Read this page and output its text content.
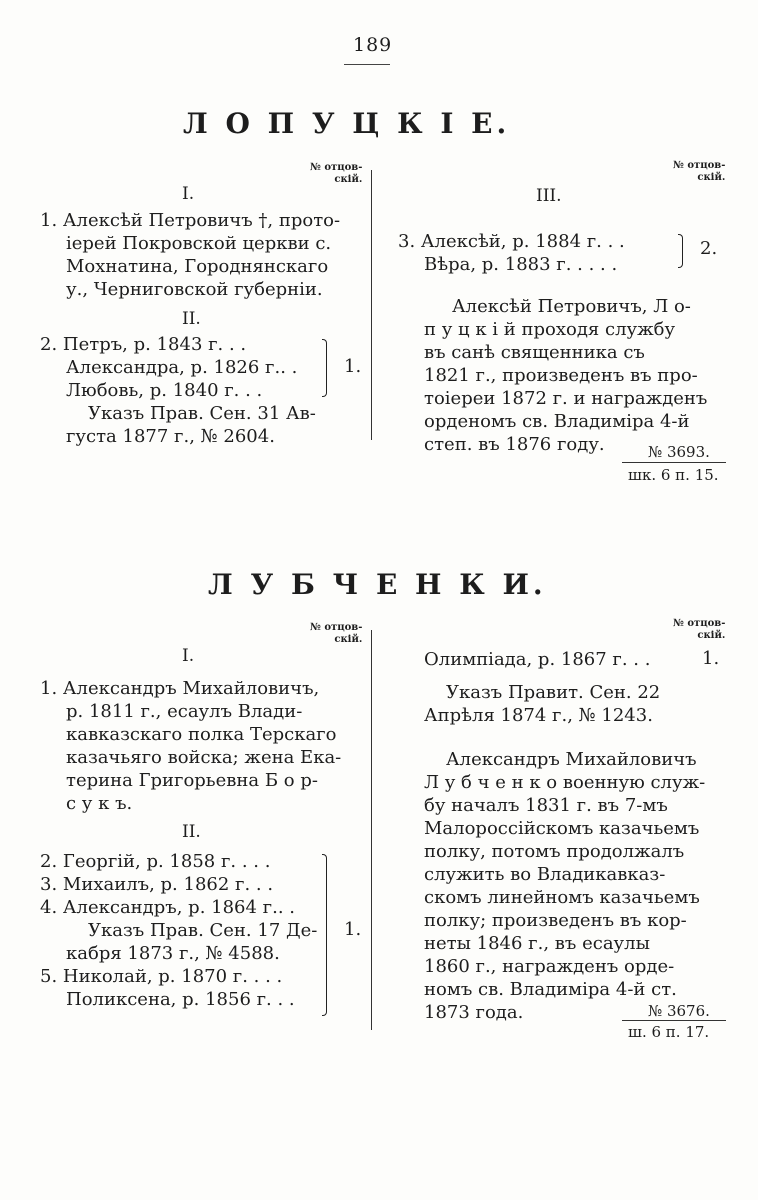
189
Л О П У Ц К І Е.
№ отцов-
скій.
№ отцов-
скій.
I.
1. Алексѣй Петровичъ †, прото-
іерей Покровской церкви с.
Мохнатина, Городнянскаго
у., Черниговской губерніи.
II.
2. Петръ, р. 1843 г. . .
Александра, р. 1826 г.. .
Любовь, р. 1840 г. . .
Указъ Прав. Сен. 31 Ав-
густа 1877 г., № 2604.
1.
III.
3. Алексѣй, р. 1884 г. . .
Вѣра, р. 1883 г. . . . .
2.
Алексѣй Петровичъ, Л о-
п у ц к і й проходя службу
въ санѣ священника съ
1821 г., произведенъ въ про-
тоіереи 1872 г. и награжденъ
орденомъ св. Владиміра 4-й
степ. въ 1876 году.	№ 3693.
шк. 6 п. 15.
Л У Б Ч Е Н К И.
№ отцов-
скій.
№ отцов-
скій.
I.
1. Александръ Михайловичъ,
р. 1811 г., есаулъ Влади-
кавказскаго полка Терскаго
казачьяго войска; жена Ека-
терина Григорьевна Б о р-
с у к ъ.
II.
2. Георгій, р. 1858 г. . . .
3. Михаилъ, р. 1862 г. . .
4. Александръ, р. 1864 г.. .
Указъ Прав. Сен. 17 Де-
кабря 1873 г., № 4588.
5. Николай, р. 1870 г. . . .
Поликсена, р. 1856 г. . .
1.
Олимпіада, р. 1867 г. . .	1.
Указъ Правит. Сен. 22
Апрѣля 1874 г., № 1243.
Александръ Михайловичъ
Л у б ч е н к о военную служ-
бу началъ 1831 г. въ 7-мъ
Малороссійскомъ казачьемъ
полку, потомъ продолжалъ
служить во Владикавказ-
скомъ линейномъ казачьемъ
полку; произведенъ въ кор-
неты 1846 г., въ есаулы
1860 г., награжденъ орде-
номъ св. Владиміра 4-й ст.
1873 года.	№ 3676.
ш. 6 п. 17.
